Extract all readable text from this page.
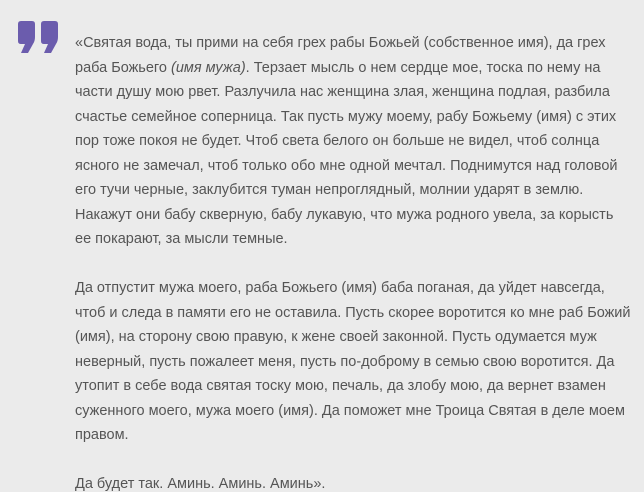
«Святая вода, ты прими на себя грех рабы Божьей (собственное имя), да грех раба Божьего (имя мужа). Терзает мысль о нем сердце мое, тоска по нему на части душу мою рвет. Разлучила нас женщина злая, женщина подлая, разбила счастье семейное соперница. Так пусть мужу моему, рабу Божьему (имя) с этих пор тоже покоя не будет. Чтоб света белого он больше не видел, чтоб солнца ясного не замечал, чтоб только обо мне одной мечтал. Поднимутся над головой его тучи черные, заклубится туман непроглядный, молнии ударят в землю. Накажут они бабу скверную, бабу лукавую, что мужа родного увела, за корысть ее покарают, за мысли темные.

Да отпустит мужа моего, раба Божьего (имя) баба поганая, да уйдет навсегда, чтоб и следа в памяти его не оставила. Пусть скорее воротится ко мне раб Божий (имя), на сторону свою правую, к жене своей законной. Пусть одумается муж неверный, пусть пожалеет меня, пусть по-доброму в семью свою воротится. Да утопит в себе вода святая тоску мою, печаль, да злобу мою, да вернет взамен суженного моего, мужа моего (имя). Да поможет мне Троица Святая в деле моем правом.

Да будет так. Аминь. Аминь. Аминь».
